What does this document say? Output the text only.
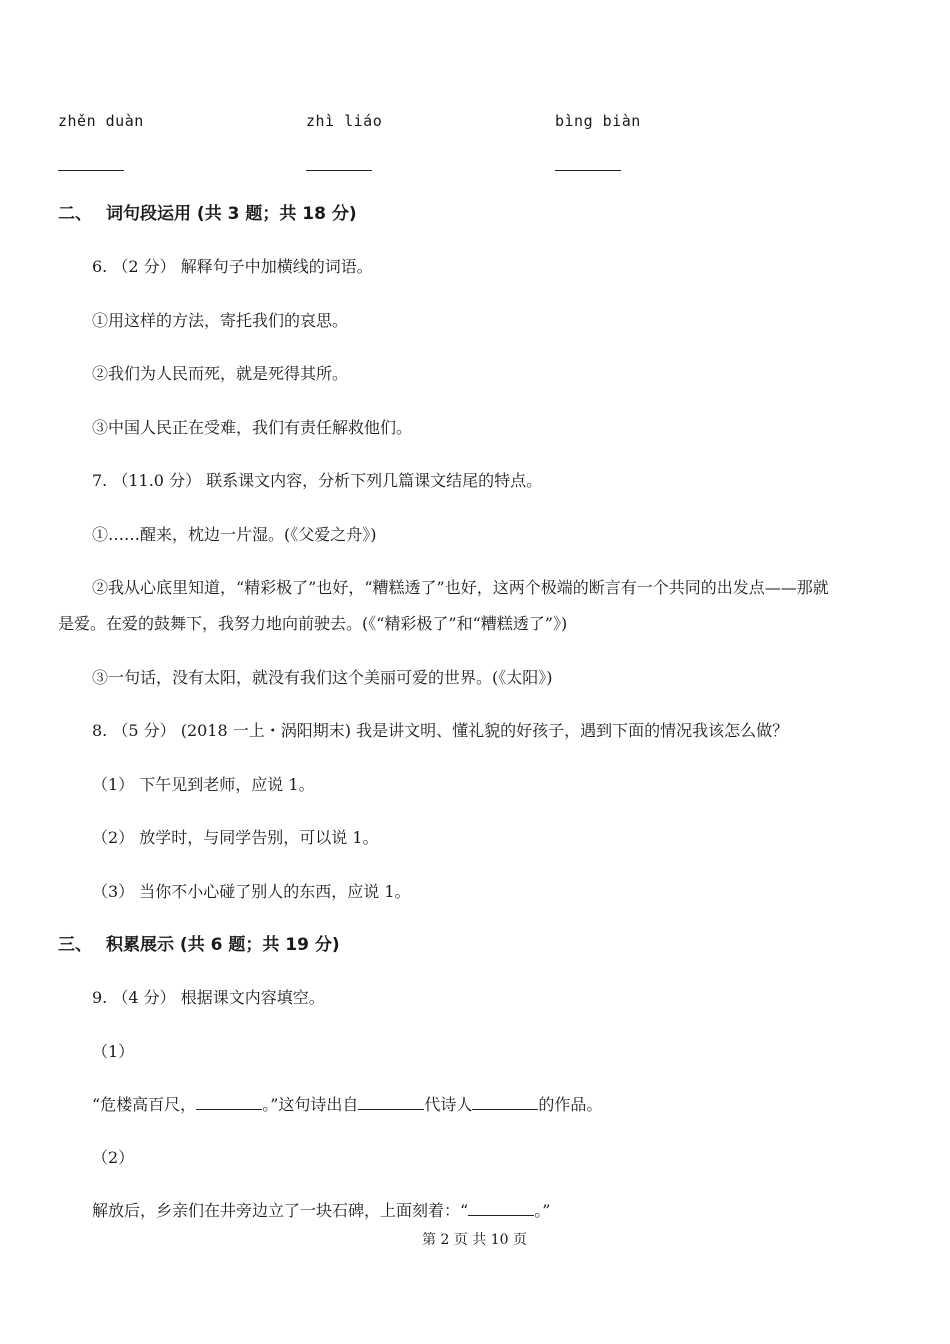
zhěn duàn	zhì liáo	bìng biàn
二、 词句段运用 (共 3 题；共 18 分)
6. （2 分） 解释句子中加横线的词语。
①用这样的方法，寄托我们的哀思。
②我们为人民而死，就是死得其所。
③中国人民正在受难，我们有责任解救他们。
7. （11.0 分） 联系课文内容，分析下列几篇课文结尾的特点。
①……醒来，枕边一片湿。(《父爱之舟》)
②我从心底里知道，“精彩极了”也好，“糟糕透了”也好，这两个极端的断言有一个共同的出发点——那就
是爱。在爱的鼓舞下，我努力地向前驶去。(《“精彩极了”和“糟糕透了”》)
③一句话，没有太阳，就没有我们这个美丽可爱的世界。(《太阳》)
8. （5 分） (2018 一上・涡阳期末) 我是讲文明、懂礼貌的好孩子，遇到下面的情况我该怎么做？
（1） 下午见到老师，应说 1。
（2） 放学时，与同学告别，可以说 1。
（3） 当你不小心碰了别人的东西，应说 1。
三、 积累展示 (共 6 题；共 19 分)
9. （4 分） 根据课文内容填空。
（1）
“危楼高百尺，	。”这句诗出自	代诗人	的作品。
（2）
解放后，乡亲们在井旁边立了一块石碑，上面刻着：“	。”
第 2 页 共 10 页
